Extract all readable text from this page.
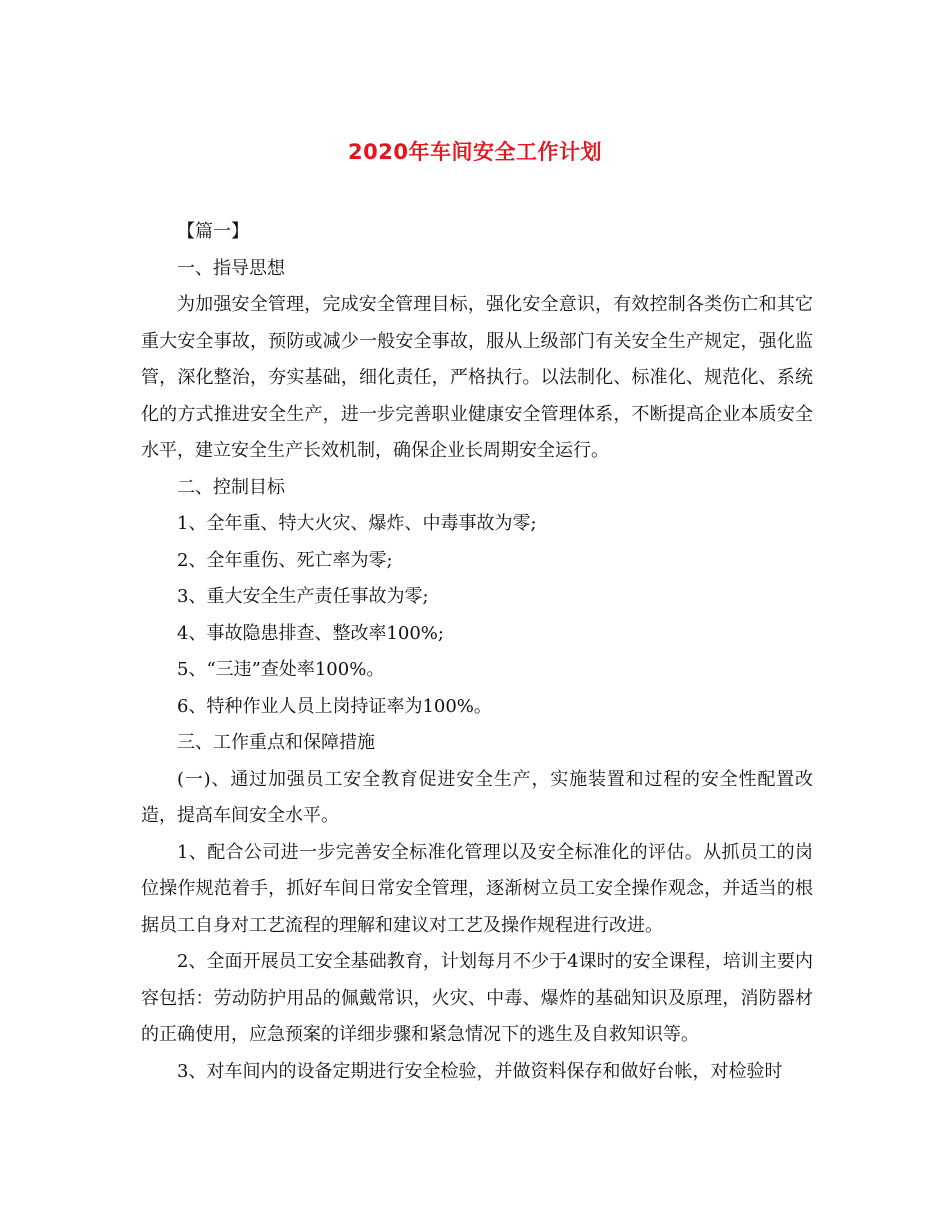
2020年车间安全工作计划

【篇一】

一、指导思想

为加强安全管理，完成安全管理目标，强化安全意识，有效控制各类伤亡和其它重大安全事故，预防或减少一般安全事故，服从上级部门有关安全生产规定，强化监管，深化整治，夯实基础，细化责任，严格执行。以法制化、标准化、规范化、系统化的方式推进安全生产，进一步完善职业健康安全管理体系，不断提高企业本质安全水平，建立安全生产长效机制，确保企业长周期安全运行。

二、控制目标

1、全年重、特大火灾、爆炸、中毒事故为零;

2、全年重伤、死亡率为零;

3、重大安全生产责任事故为零;

4、事故隐患排查、整改率100%;

5、“三违”查处率100%。

6、特种作业人员上岗持证率为100%。

三、工作重点和保障措施

(一)、通过加强员工安全教育促进安全生产，实施装置和过程的安全性配置改造，提高车间安全水平。

1、配合公司进一步完善安全标准化管理以及安全标准化的评估。从抓员工的岗位操作规范着手，抓好车间日常安全管理，逐渐树立员工安全操作观念，并适当的根据员工自身对工艺流程的理解和建议对工艺及操作规程进行改进。

2、全面开展员工安全基础教育，计划每月不少于4课时的安全课程，培训主要内容包括：劳动防护用品的佩戴常识，火灾、中毒、爆炸的基础知识及原理，消防器材的正确使用，应急预案的详细步骤和紧急情况下的逃生及自救知识等。

3、对车间内的设备定期进行安全检验，并做资料保存和做好台帐，对检验时
